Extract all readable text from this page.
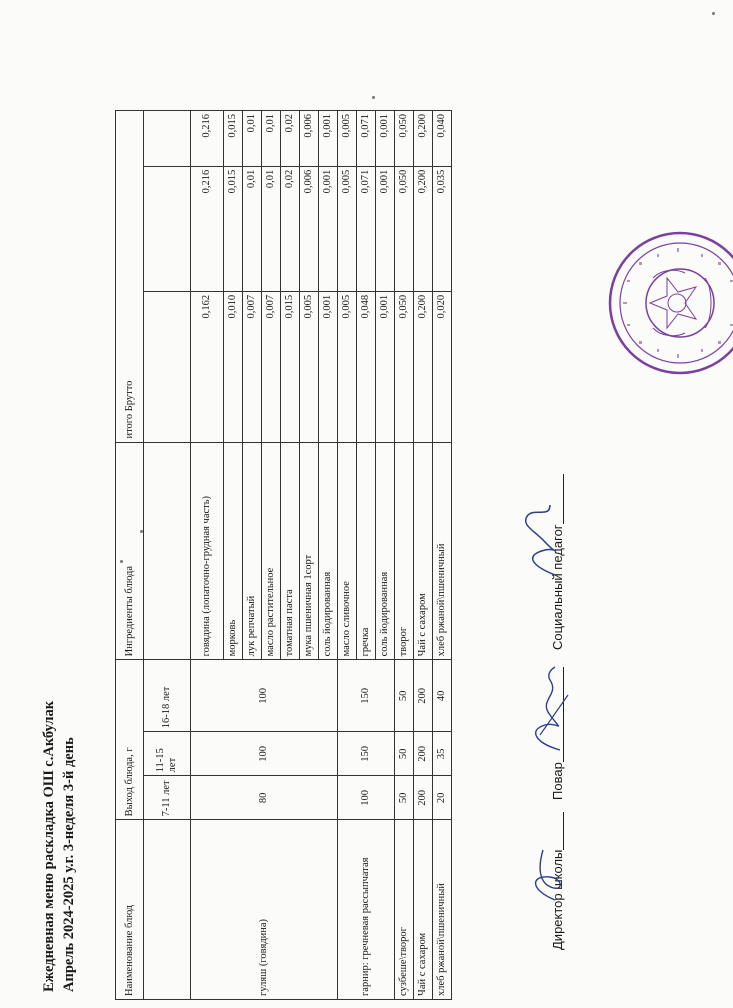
Ежедневная меню раскладка ОШ с.Акбулак Апрель 2024-2025 у.г. 3-неделя 3-й день	Наименование блюд	Выход блюда, г			Ингредиенты блюда	итого Брутто		
	7-11 лет	11-15 лет	16-18 лет				
гуляш (говядина)	80	100	100	говядина (лопаточно-грудная часть)	0,162	0,216	0,216
				морковь	0,010	0,015	0,015
				лук репчатый	0,007	0,01	0,01
				масло растительное	0,007	0,01	0,01
				томатная паста	0,015	0,02	0,02
				мука пшеничная 1сорт	0,005	0,006	0,006
				соль йодированная	0,001	0,001	0,001
гарнир: гречневая рассыпчатая	100	150	150	масло сливочное	0,005	0,005	0,005
				гречка	0,048	0,071	0,071
				соль йодированная	0,001	0,001	0,001
сузбеше\творог	50	50	50	творог	0,050	0,050	0,050
Чай с сахаром	200	200	200	Чай с сахаром	0,200	0,200	0,200
хлеб ржаной\пшеничный	20	35	40	хлеб ржаной\пшеничный	0,020	0,035	0,040
Директор школы
Повар
Социальный педагог
